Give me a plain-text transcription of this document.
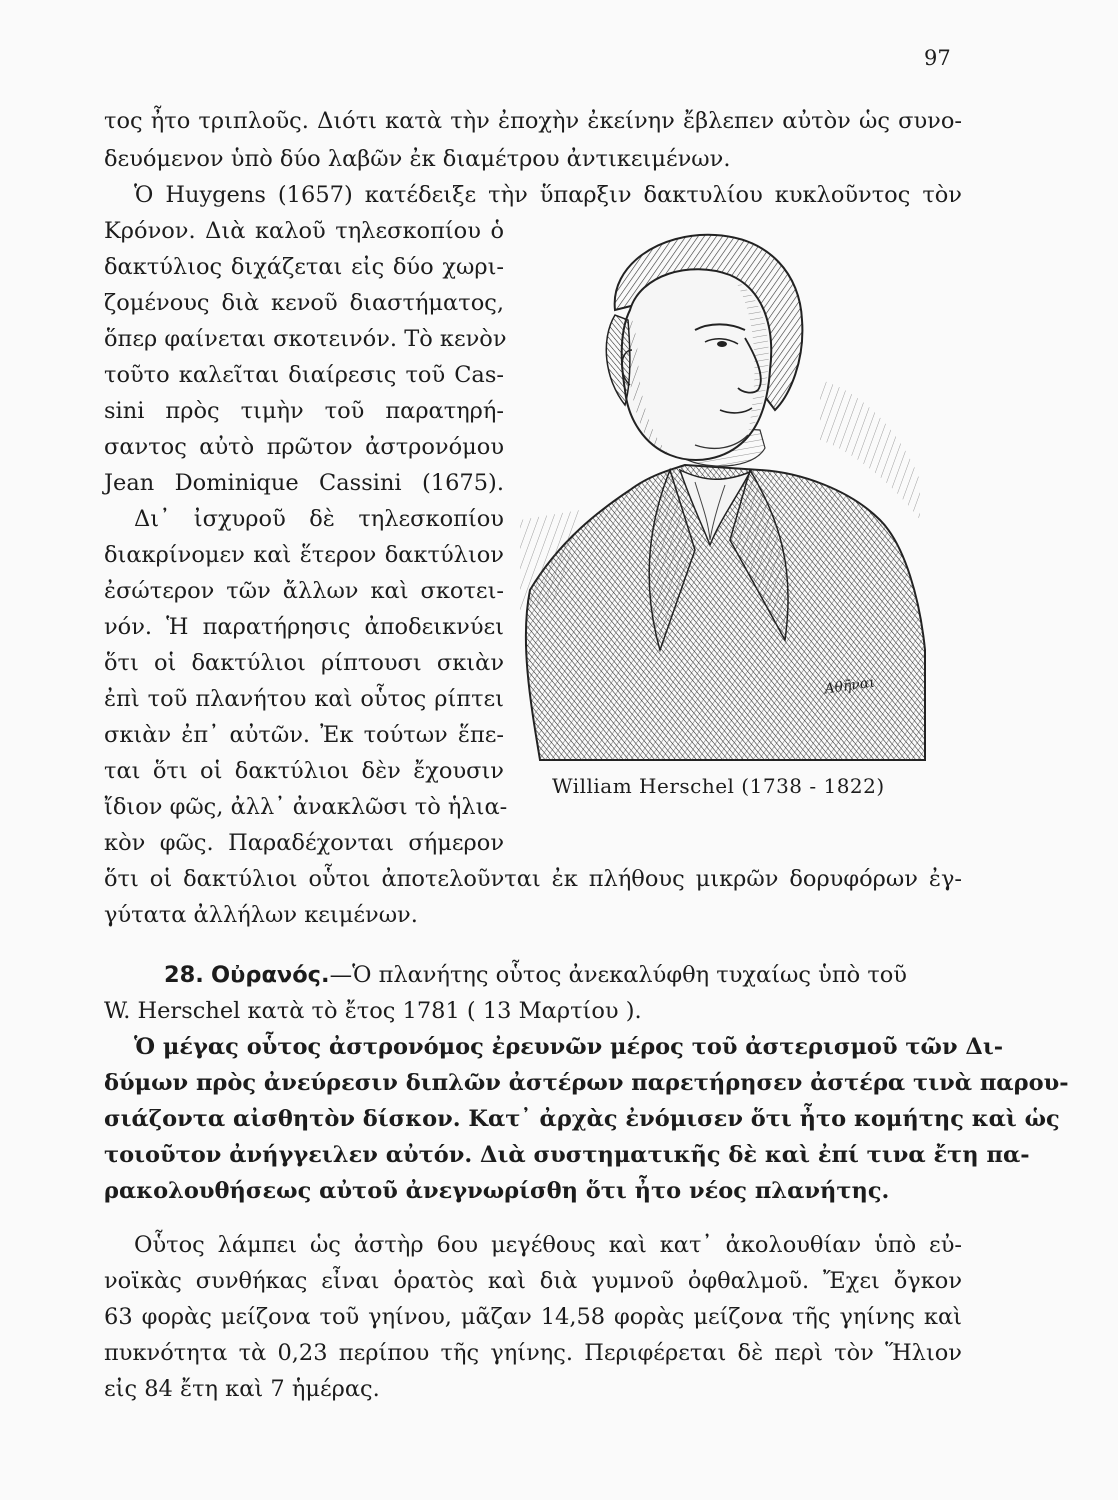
97
τος ἦτο τριπλοῦς. Διότι κατὰ τὴν ἐποχὴν ἐκείνην ἔβλεπεν αὐτὸν ὡς συνο-
δευόμενον ὑπὸ δύο λαβῶν ἐκ διαμέτρου ἀντικειμένων.
Ὁ Huygens (1657) κατέδειξε τὴν ὕπαρξιν δακτυλίου κυκλοῦντος τὸν
Κρόνον. Διὰ καλοῦ τηλεσκοπίου ὁ
δακτύλιος διχάζεται εἰς δύο χωρι-
ζομένους διὰ κενοῦ διαστήματος,
ὅπερ φαίνεται σκοτεινόν. Τὸ κενὸν
τοῦτο καλεῖται διαίρεσις τοῦ Cas-
sini πρὸς τιμὴν τοῦ παρατηρή-
σαντος αὐτὸ πρῶτον ἀστρονόμου
Jean Dominique Cassini (1675).
Δι᾽ ἰσχυροῦ δὲ τηλεσκοπίου
διακρίνομεν καὶ ἕτερον δακτύλιον
ἐσώτερον τῶν ἄλλων καὶ σκοτει-
νόν. Ἡ παρατήρησις ἀποδεικνύει
ὅτι οἱ δακτύλιοι ρίπτουσι σκιὰν
ἐπὶ τοῦ πλανήτου καὶ οὗτος ρίπτει
σκιὰν ἐπ᾽ αὐτῶν. Ἐκ τούτων ἕπε-
ται ὅτι οἱ δακτύλιοι δὲν ἔχουσιν
ἴδιον φῶς, ἀλλ᾽ ἀνακλῶσι τὸ ἡλια-
κὸν φῶς. Παραδέχονται σήμερον
Αθῆναι
William Herschel (1738 - 1822)
ὅτι οἱ δακτύλιοι οὗτοι ἀποτελοῦνται ἐκ πλήθους μικρῶν δορυφόρων ἐγ-
γύτατα ἀλλήλων κειμένων.
28. Οὐρανός.—Ὁ πλανήτης οὗτος ἀνεκαλύφθη τυχαίως ὑπὸ τοῦ
W. Herschel κατὰ τὸ ἔτος 1781 ( 13 Μαρτίου ).
Ὁ μέγας οὗτος ἀστρονόμος ἐρευνῶν μέρος τοῦ ἀστερισμοῦ τῶν Δι-
δύμων πρὸς ἀνεύρεσιν διπλῶν ἀστέρων παρετήρησεν ἀστέρα τινὰ παρου-
σιάζοντα αἰσθητὸν δίσκον. Κατ᾽ ἀρχὰς ἐνόμισεν ὅτι ἦτο κομήτης καὶ ὡς
τοιοῦτον ἀνήγγειλεν αὐτόν. Διὰ συστηματικῆς δὲ καὶ ἐπί τινα ἔτη πα-
ρακολουθήσεως αὐτοῦ ἀνεγνωρίσθη ὅτι ἦτο νέος πλανήτης.
Οὗτος λάμπει ὡς ἀστὴρ 6ου μεγέθους καὶ κατ᾽ ἀκολουθίαν ὑπὸ εὐ-
νοϊκὰς συνθήκας εἶναι ὁρατὸς καὶ διὰ γυμνοῦ ὀφθαλμοῦ. Ἔχει ὄγκον
63 φορὰς μείζονα τοῦ γηίνου, μᾶζαν 14,58 φορὰς μείζονα τῆς γηίνης καὶ
πυκνότητα τὰ 0,23 περίπου τῆς γηίνης. Περιφέρεται δὲ περὶ τὸν Ἥλιον
εἰς 84 ἔτη καὶ 7 ἡμέρας.
